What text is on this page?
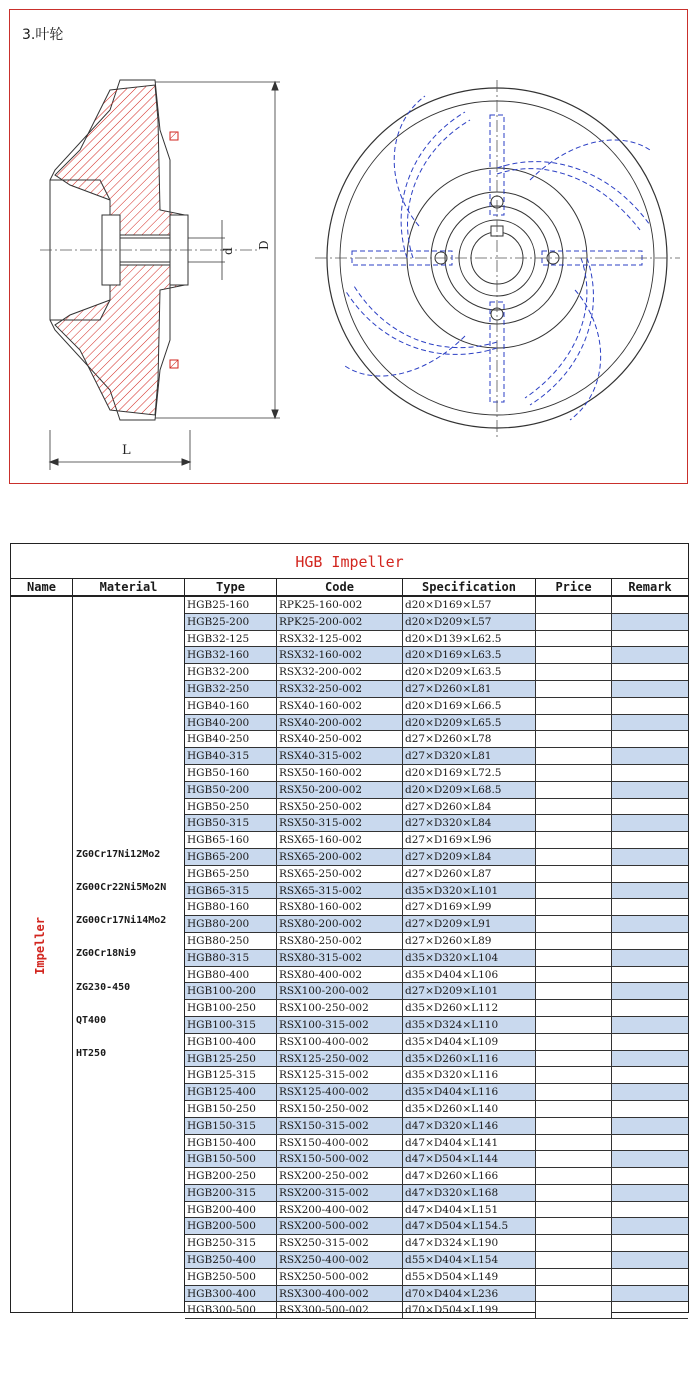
3.叶轮
L
d
D
HGB Impeller
Name	Material	Type	Code	Specification	Price	Remark
Impeller
ZG0Cr17Ni12Mo2
ZG00Cr22Ni5Mo2N
ZG00Cr17Ni14Mo2
ZG0Cr18Ni9
ZG230-450
QT400
HT250
HGB25-160	RPK25-160-002	d20×D169×L57
HGB25-200	RPK25-200-002	d20×D209×L57
HGB32-125	RSX32-125-002	d20×D139×L62.5
HGB32-160	RSX32-160-002	d20×D169×L63.5
HGB32-200	RSX32-200-002	d20×D209×L63.5
HGB32-250	RSX32-250-002	d27×D260×L81
HGB40-160	RSX40-160-002	d20×D169×L66.5
HGB40-200	RSX40-200-002	d20×D209×L65.5
HGB40-250	RSX40-250-002	d27×D260×L78
HGB40-315	RSX40-315-002	d27×D320×L81
HGB50-160	RSX50-160-002	d20×D169×L72.5
HGB50-200	RSX50-200-002	d20×D209×L68.5
HGB50-250	RSX50-250-002	d27×D260×L84
HGB50-315	RSX50-315-002	d27×D320×L84
HGB65-160	RSX65-160-002	d27×D169×L96
HGB65-200	RSX65-200-002	d27×D209×L84
HGB65-250	RSX65-250-002	d27×D260×L87
HGB65-315	RSX65-315-002	d35×D320×L101
HGB80-160	RSX80-160-002	d27×D169×L99
HGB80-200	RSX80-200-002	d27×D209×L91
HGB80-250	RSX80-250-002	d27×D260×L89
HGB80-315	RSX80-315-002	d35×D320×L104
HGB80-400	RSX80-400-002	d35×D404×L106
HGB100-200	RSX100-200-002	d27×D209×L101
HGB100-250	RSX100-250-002	d35×D260×L112
HGB100-315	RSX100-315-002	d35×D324×L110
HGB100-400	RSX100-400-002	d35×D404×L109
HGB125-250	RSX125-250-002	d35×D260×L116
HGB125-315	RSX125-315-002	d35×D320×L116
HGB125-400	RSX125-400-002	d35×D404×L116
HGB150-250	RSX150-250-002	d35×D260×L140
HGB150-315	RSX150-315-002	d47×D320×L146
HGB150-400	RSX150-400-002	d47×D404×L141
HGB150-500	RSX150-500-002	d47×D504×L144
HGB200-250	RSX200-250-002	d47×D260×L166
HGB200-315	RSX200-315-002	d47×D320×L168
HGB200-400	RSX200-400-002	d47×D404×L151
HGB200-500	RSX200-500-002	d47×D504×L154.5
HGB250-315	RSX250-315-002	d47×D324×L190
HGB250-400	RSX250-400-002	d55×D404×L154
HGB250-500	RSX250-500-002	d55×D504×L149
HGB300-400	RSX300-400-002	d70×D404×L236
HGB300-500	RSX300-500-002	d70×D504×L199
